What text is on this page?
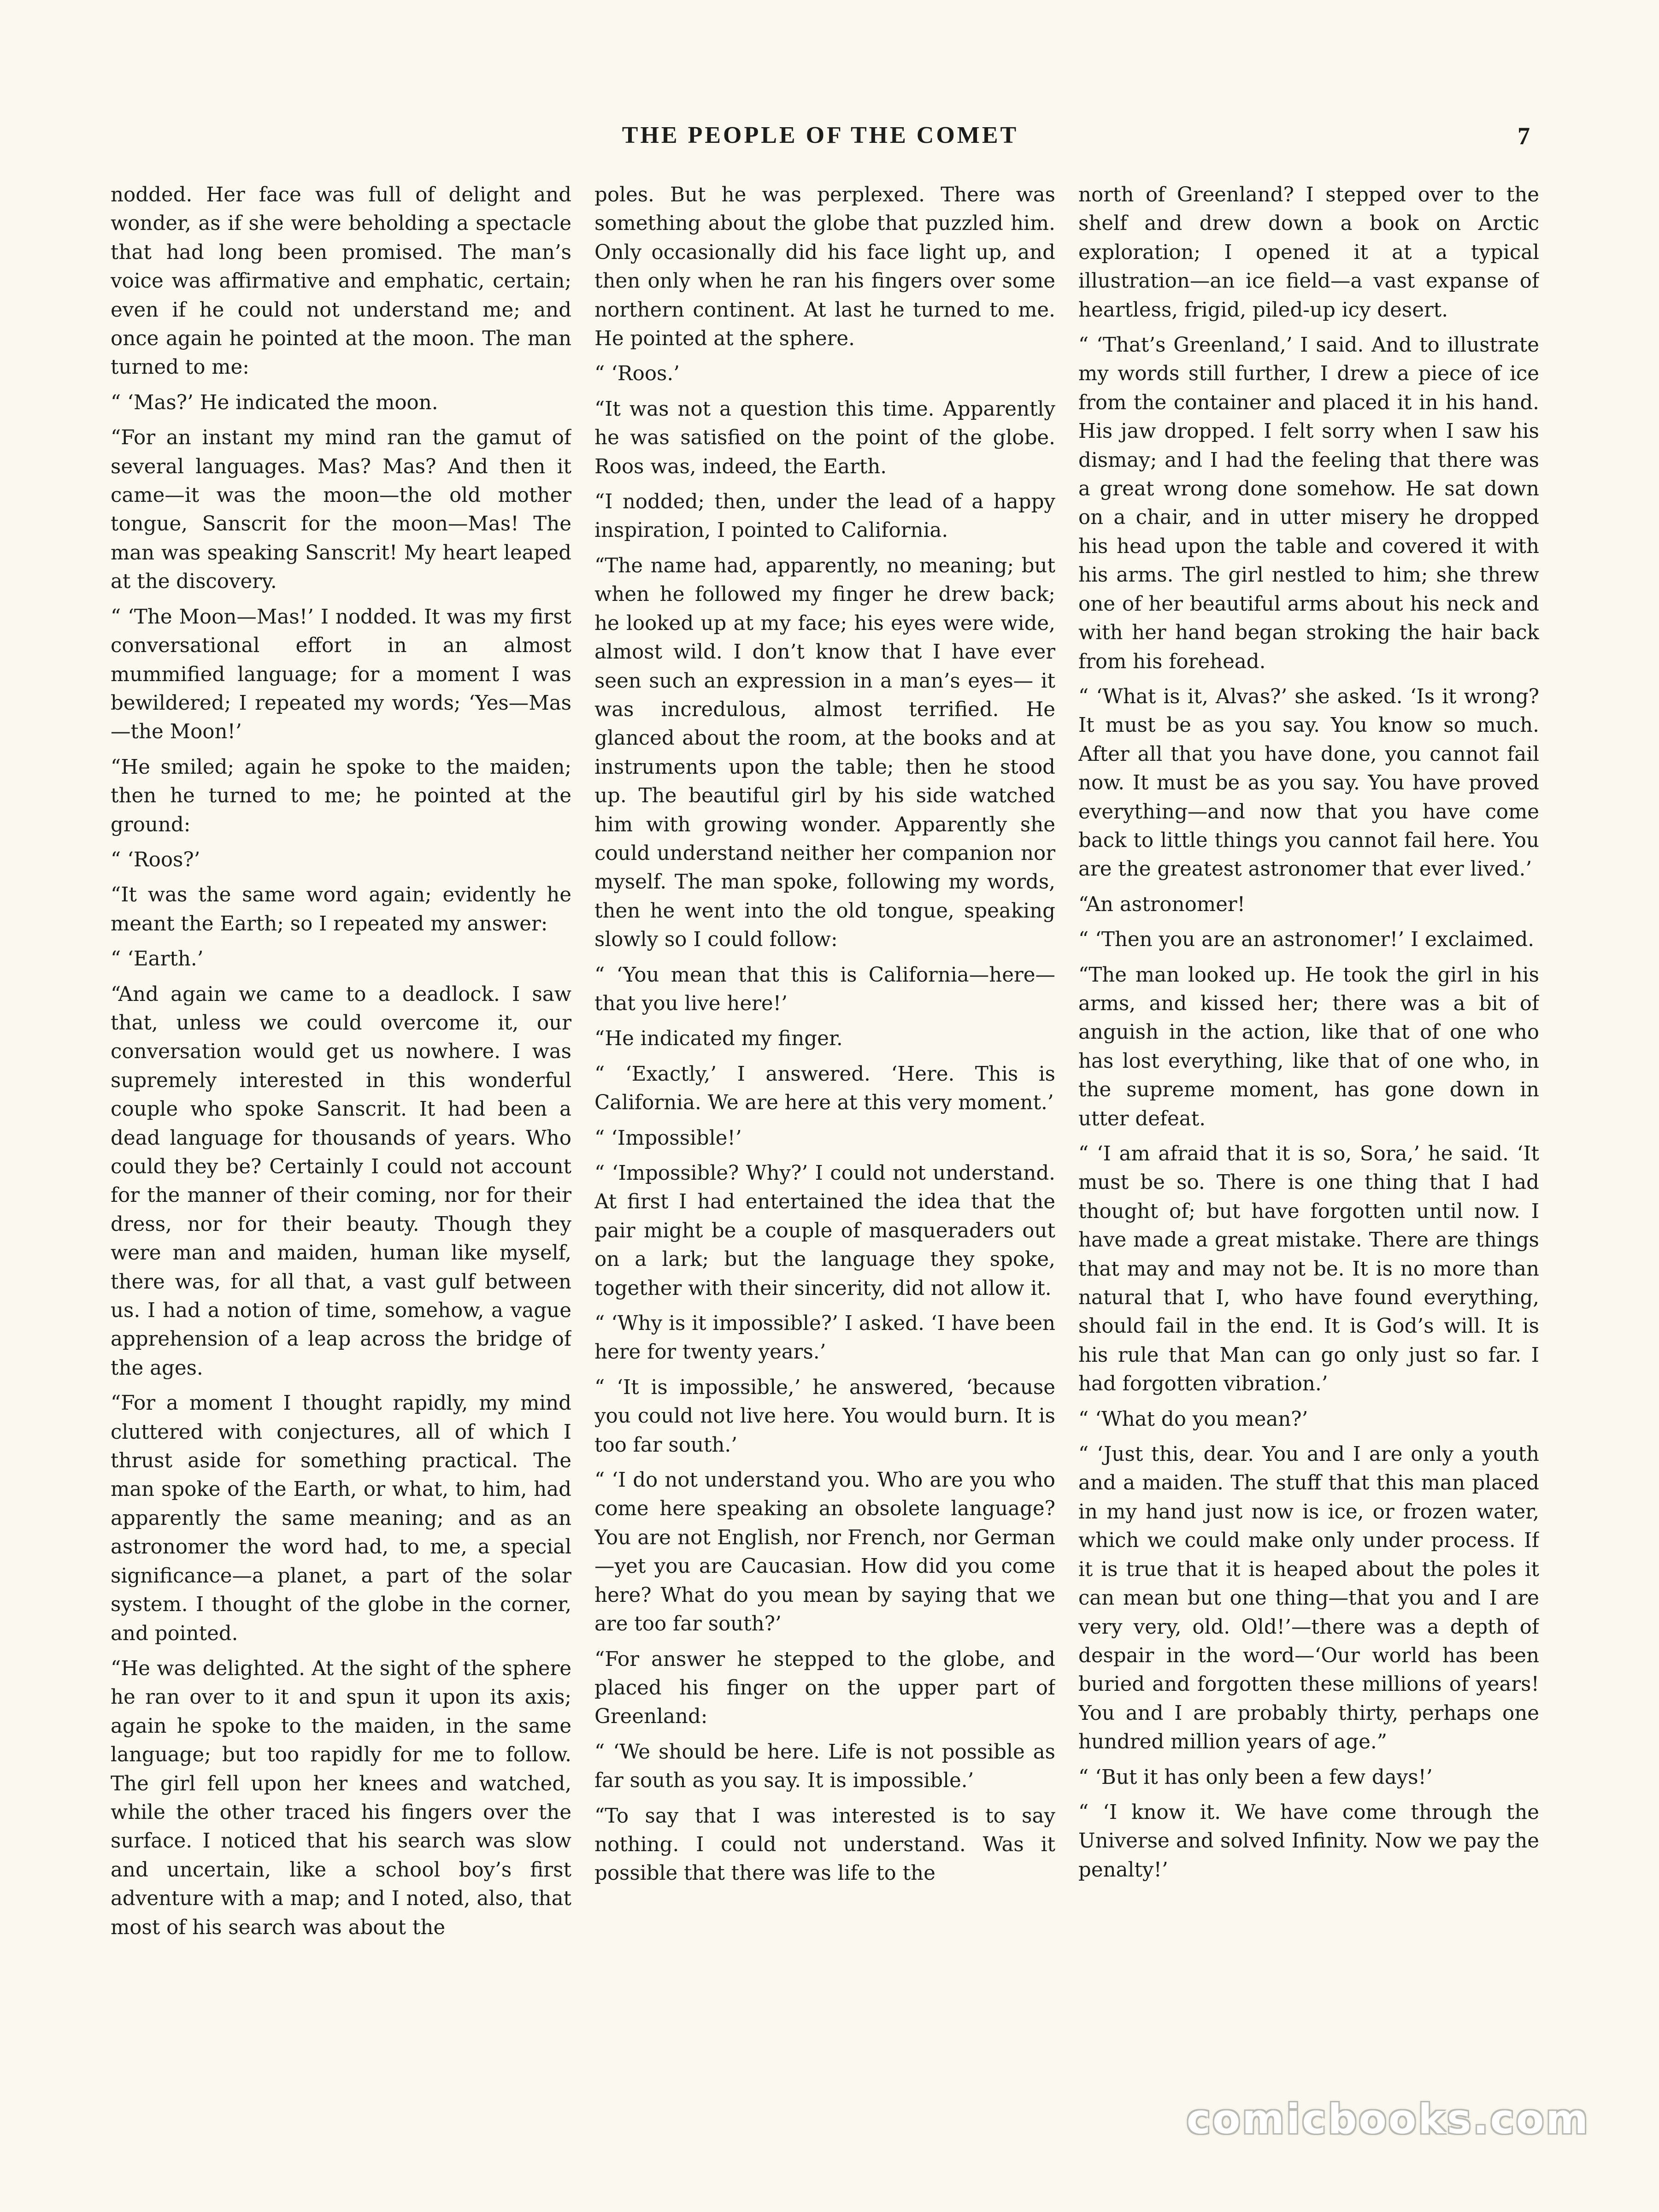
THE PEOPLE OF THE COMET	7

nodded. Her face was full of delight and wonder, as if she were beholding a spectacle that had long been promised. The man’s voice was affirmative and emphatic, certain; even if he could not understand me; and once again he pointed at the moon. The man turned to me:

“ ‘Mas?’ He indicated the moon.

“For an instant my mind ran the gamut of several languages. Mas? Mas? And then it came—it was the moon—the old mother tongue, Sanscrit for the moon—Mas! The man was speaking Sanscrit! My heart leaped at the discovery.

“ ‘The Moon—Mas!’ I nodded. It was my first conversational effort in an almost mummified language; for a moment I was bewildered; I repeated my words; ‘Yes—Mas—the Moon!’

“He smiled; again he spoke to the maiden; then he turned to me; he pointed at the ground:

“ ‘Roos?’

“It was the same word again; evidently he meant the Earth; so I repeated my answer:

“ ‘Earth.’

“And again we came to a deadlock. I saw that, unless we could overcome it, our conversation would get us nowhere. I was supremely interested in this wonderful couple who spoke Sanscrit. It had been a dead language for thousands of years. Who could they be? Certainly I could not account for the manner of their coming, nor for their dress, nor for their beauty. Though they were man and maiden, human like myself, there was, for all that, a vast gulf between us. I had a notion of time, somehow, a vague apprehension of a leap across the bridge of the ages.

“For a moment I thought rapidly, my mind cluttered with conjectures, all of which I thrust aside for something practical. The man spoke of the Earth, or what, to him, had apparently the same meaning; and as an astronomer the word had, to me, a special significance—a planet, a part of the solar system. I thought of the globe in the corner, and pointed.

“He was delighted. At the sight of the sphere he ran over to it and spun it upon its axis; again he spoke to the maiden, in the same language; but too rapidly for me to follow. The girl fell upon her knees and watched, while the other traced his fingers over the surface. I noticed that his search was slow and uncertain, like a school boy’s first adventure with a map; and I noted, also, that most of his search was about the

poles. But he was perplexed. There was something about the globe that puzzled him. Only occasionally did his face light up, and then only when he ran his fingers over some northern continent. At last he turned to me. He pointed at the sphere.

“ ‘Roos.’

“It was not a question this time. Apparently he was satisfied on the point of the globe. Roos was, indeed, the Earth.

“I nodded; then, under the lead of a happy inspiration, I pointed to California.

“The name had, apparently, no meaning; but when he followed my finger he drew back; he looked up at my face; his eyes were wide, almost wild. I don’t know that I have ever seen such an expression in a man’s eyes— it was incredulous, almost terrified. He glanced about the room, at the books and at instruments upon the table; then he stood up. The beautiful girl by his side watched him with growing wonder. Apparently she could understand neither her companion nor myself. The man spoke, following my words, then he went into the old tongue, speaking slowly so I could follow:

“ ‘You mean that this is California—here—that you live here!’

“He indicated my finger.

“ ‘Exactly,’ I answered. ‘Here. This is California. We are here at this very moment.’

“ ‘Impossible!’

“ ‘Impossible? Why?’ I could not understand. At first I had entertained the idea that the pair might be a couple of masqueraders out on a lark; but the language they spoke, together with their sincerity, did not allow it.

“ ‘Why is it impossible?’ I asked. ‘I have been here for twenty years.’

“ ‘It is impossible,’ he answered, ‘because you could not live here. You would burn. It is too far south.’

“ ‘I do not understand you. Who are you who come here speaking an obsolete language? You are not English, nor French, nor German—yet you are Caucasian. How did you come here? What do you mean by saying that we are too far south?’

“For answer he stepped to the globe, and placed his finger on the upper part of Greenland:

“ ‘We should be here. Life is not possible as far south as you say. It is impossible.’

“To say that I was interested is to say nothing. I could not understand. Was it possible that there was life to the

north of Greenland? I stepped over to the shelf and drew down a book on Arctic exploration; I opened it at a typical illustration—an ice field—a vast expanse of heartless, frigid, piled-up icy desert.

“ ‘That’s Greenland,’ I said. And to illustrate my words still further, I drew a piece of ice from the container and placed it in his hand. His jaw dropped. I felt sorry when I saw his dismay; and I had the feeling that there was a great wrong done somehow. He sat down on a chair, and in utter misery he dropped his head upon the table and covered it with his arms. The girl nestled to him; she threw one of her beautiful arms about his neck and with her hand began stroking the hair back from his forehead.

“ ‘What is it, Alvas?’ she asked. ‘Is it wrong? It must be as you say. You know so much. After all that you have done, you cannot fail now. It must be as you say. You have proved everything—and now that you have come back to little things you cannot fail here. You are the greatest astronomer that ever lived.’

“An astronomer!

“ ‘Then you are an astronomer!’ I exclaimed.

“The man looked up. He took the girl in his arms, and kissed her; there was a bit of anguish in the action, like that of one who has lost everything, like that of one who, in the supreme moment, has gone down in utter defeat.

“ ‘I am afraid that it is so, Sora,’ he said. ‘It must be so. There is one thing that I had thought of; but have forgotten until now. I have made a great mistake. There are things that may and may not be. It is no more than natural that I, who have found everything, should fail in the end. It is God’s will. It is his rule that Man can go only just so far. I had forgotten vibration.’

“ ‘What do you mean?’

“ ‘Just this, dear. You and I are only a youth and a maiden. The stuff that this man placed in my hand just now is ice, or frozen water, which we could make only under process. If it is true that it is heaped about the poles it can mean but one thing—that you and I are very very, old. Old!’—there was a depth of despair in the word—‘Our world has been buried and forgotten these millions of years! You and I are probably thirty, perhaps one hundred million years of age.”

“ ‘But it has only been a few days!’

“ ‘I know it. We have come through the Universe and solved Infinity. Now we pay the penalty!’

comicbooks.com
